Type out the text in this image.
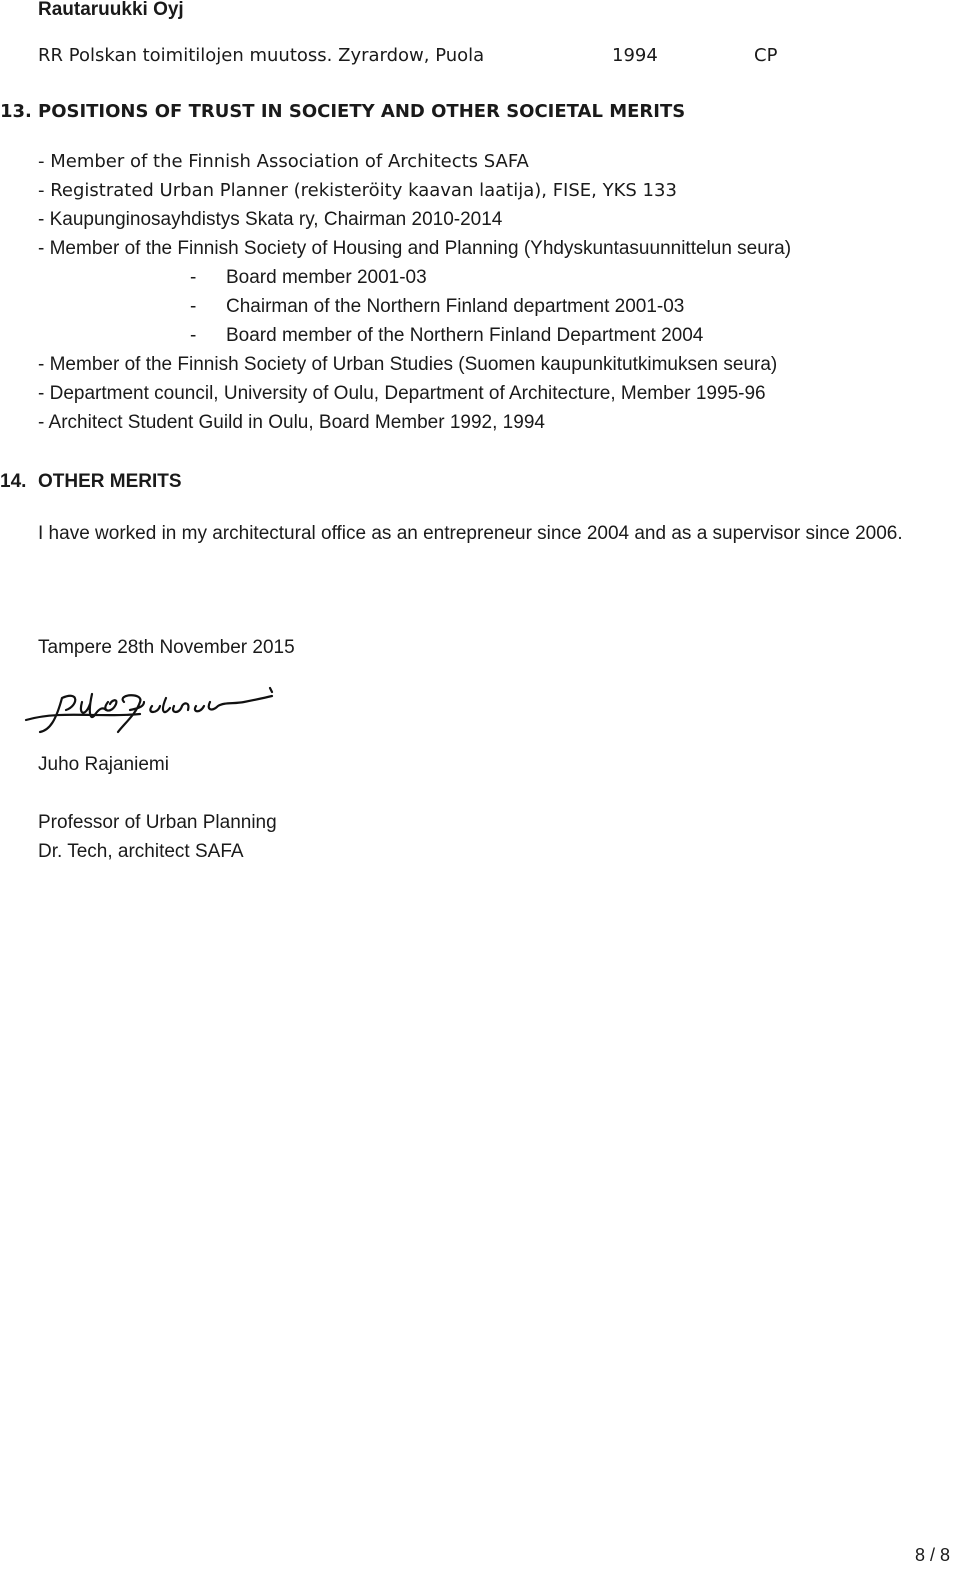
Rautaruukki Oyj
RR Polskan toimitilojen muutoss. Zyrardow, Puola	1994	CP
13. POSITIONS OF TRUST IN SOCIETY AND OTHER SOCIETAL MERITS
- Member of the Finnish Association of Architects SAFA
- Registrated Urban Planner (rekisteröity kaavan laatija), FISE, YKS 133
- Kaupunginosayhdistys Skata ry, Chairman 2010-2014
- Member of the Finnish Society of Housing and Planning (Yhdyskuntasuunnittelun seura)
- Board member 2001-03
- Chairman of the Northern Finland department 2001-03
- Board member of the Northern Finland Department 2004
- Member of the Finnish Society of Urban Studies (Suomen kaupunkitutkimuksen seura)
- Department council, University of Oulu, Department of Architecture, Member 1995-96
- Architect Student Guild in Oulu, Board Member 1992, 1994
14. OTHER MERITS
I have worked in my architectural office as an entrepreneur since 2004 and as a supervisor since 2006.
Tampere 28th November 2015
Juho Rajaniemi
Professor of Urban Planning
Dr. Tech, architect SAFA
8 / 8
